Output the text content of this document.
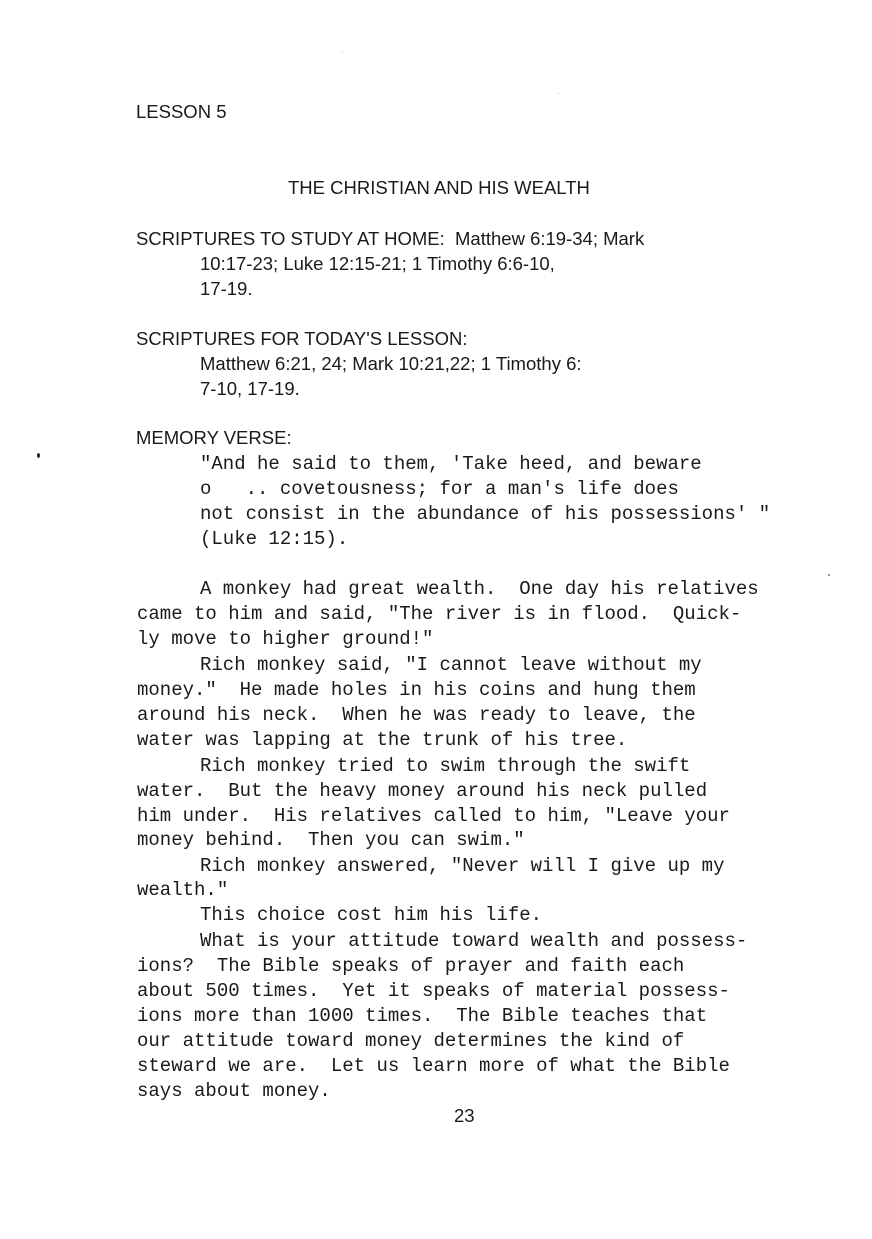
LESSON 5
THE CHRISTIAN AND HIS WEALTH
SCRIPTURES TO STUDY AT HOME:  Matthew 6:19-34; Mark
10:17-23; Luke 12:15-21; 1 Timothy 6:6-10,
17-19.
SCRIPTURES FOR TODAY'S LESSON:
Matthew 6:21, 24; Mark 10:21,22; 1 Timothy 6:
7-10, 17-19.
MEMORY VERSE:
"And he said to them, 'Take heed, and beware
o   .. covetousness; for a man's life does
not consist in the abundance of his possessions' "
(Luke 12:15).
A monkey had great wealth.  One day his relatives
came to him and said, "The river is in flood.  Quick-
ly move to higher ground!"
Rich monkey said, "I cannot leave without my
money."  He made holes in his coins and hung them
around his neck.  When he was ready to leave, the
water was lapping at the trunk of his tree.
Rich monkey tried to swim through the swift
water.  But the heavy money around his neck pulled
him under.  His relatives called to him, "Leave your
money behind.  Then you can swim."
Rich monkey answered, "Never will I give up my
wealth."
This choice cost him his life.
What is your attitude toward wealth and possess-
ions?  The Bible speaks of prayer and faith each
about 500 times.  Yet it speaks of material possess-
ions more than 1000 times.  The Bible teaches that
our attitude toward money determines the kind of
steward we are.  Let us learn more of what the Bible
says about money.
23
